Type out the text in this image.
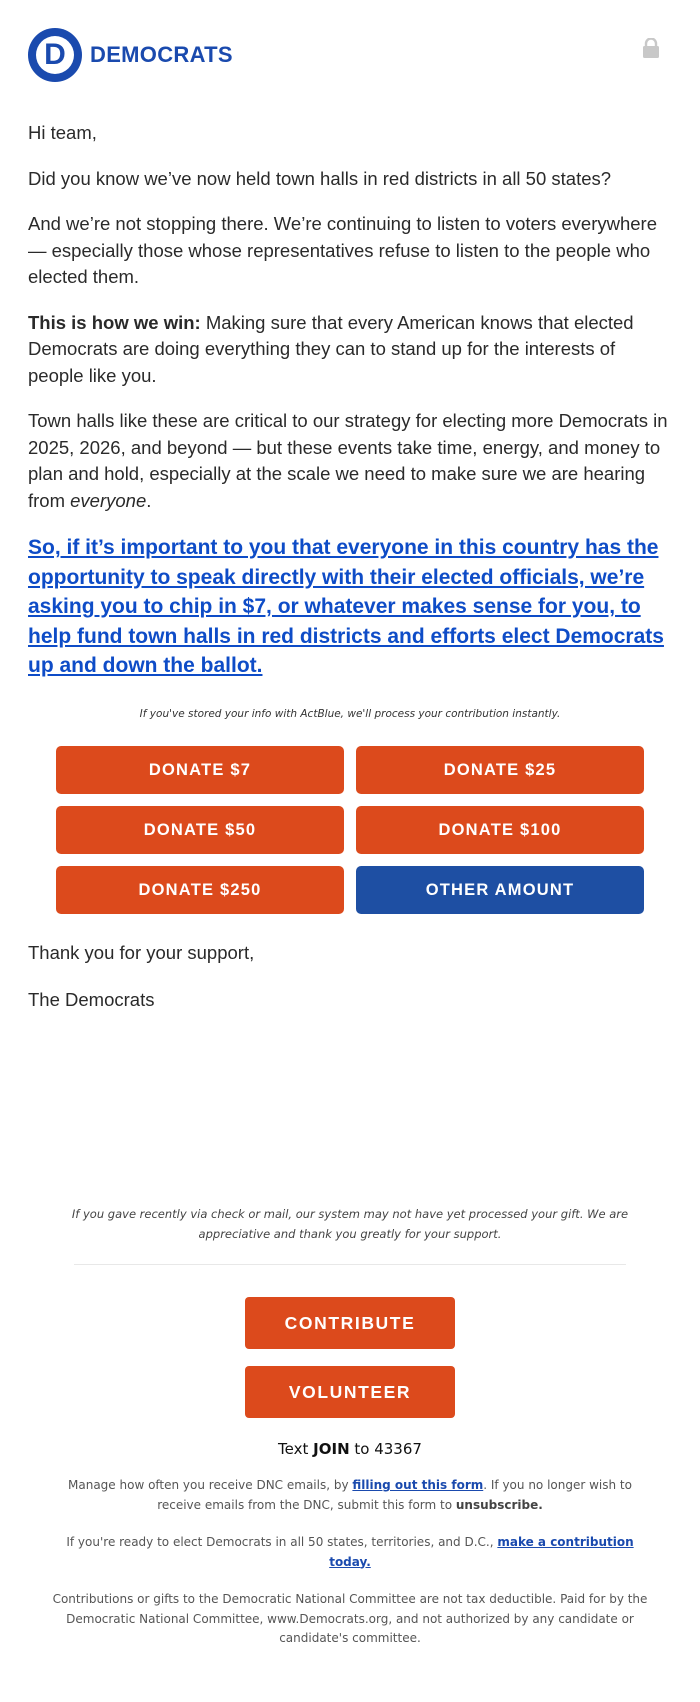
D DEMOCRATS

Hi team,

Did you know we’ve now held town halls in red districts in all 50 states?

And we’re not stopping there. We’re continuing to listen to voters everywhere — especially those whose representatives refuse to listen to the people who elected them.

This is how we win: Making sure that every American knows that elected Democrats are doing everything they can to stand up for the interests of people like you.

Town halls like these are critical to our strategy for electing more Democrats in 2025, 2026, and beyond — but these events take time, energy, and money to plan and hold, especially at the scale we need to make sure we are hearing from everyone.

So, if it’s important to you that everyone in this country has the opportunity to speak directly with their elected officials, we’re asking you to chip in $7, or whatever makes sense for you, to help fund town halls in red districts and efforts elect Democrats up and down the ballot.

If you've stored your info with ActBlue, we'll process your contribution instantly.

DONATE $7	DONATE $25
DONATE $50	DONATE $100
DONATE $250	OTHER AMOUNT

Thank you for your support,

The Democrats

If you gave recently via check or mail, our system may not have yet processed your gift. We are appreciative and thank you greatly for your support.

CONTRIBUTE
VOLUNTEER
Text JOIN to 43367

Manage how often you receive DNC emails, by filling out this form. If you no longer wish to receive emails from the DNC, submit this form to unsubscribe.

If you're ready to elect Democrats in all 50 states, territories, and D.C., make a contribution today.

Contributions or gifts to the Democratic National Committee are not tax deductible. Paid for by the Democratic National Committee, www.Democrats.org, and not authorized by any candidate or candidate's committee.
